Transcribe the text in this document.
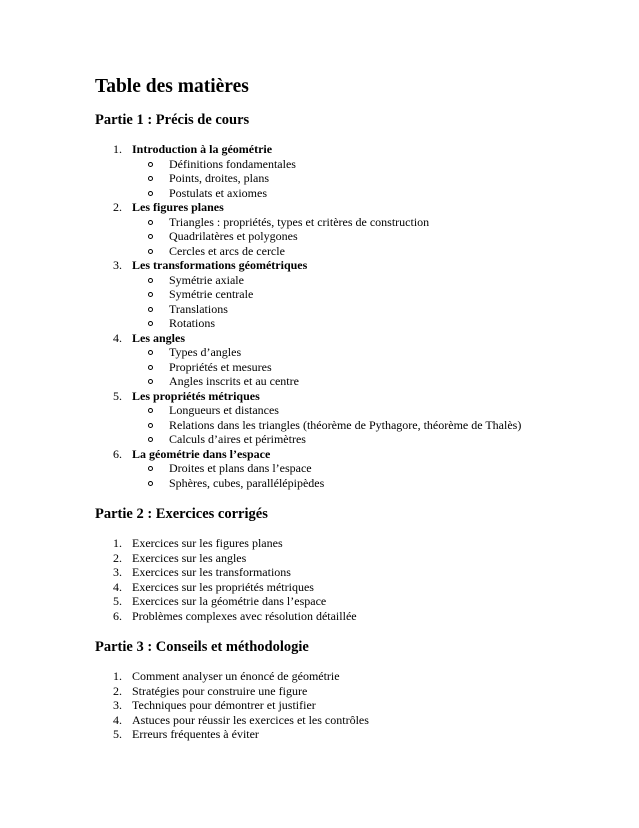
Table des matières
Partie 1 : Précis de cours
1. Introduction à la géométrie
Définitions fondamentales
Points, droites, plans
Postulats et axiomes
2. Les figures planes
Triangles : propriétés, types et critères de construction
Quadrilatères et polygones
Cercles et arcs de cercle
3. Les transformations géométriques
Symétrie axiale
Symétrie centrale
Translations
Rotations
4. Les angles
Types d’angles
Propriétés et mesures
Angles inscrits et au centre
5. Les propriétés métriques
Longueurs et distances
Relations dans les triangles (théorème de Pythagore, théorème de Thalès)
Calculs d’aires et périmètres
6. La géométrie dans l’espace
Droites et plans dans l’espace
Sphères, cubes, parallélépipèdes
Partie 2 : Exercices corrigés
1. Exercices sur les figures planes
2. Exercices sur les angles
3. Exercices sur les transformations
4. Exercices sur les propriétés métriques
5. Exercices sur la géométrie dans l’espace
6. Problèmes complexes avec résolution détaillée
Partie 3 : Conseils et méthodologie
1. Comment analyser un énoncé de géométrie
2. Stratégies pour construire une figure
3. Techniques pour démontrer et justifier
4. Astuces pour réussir les exercices et les contrôles
5. Erreurs fréquentes à éviter
